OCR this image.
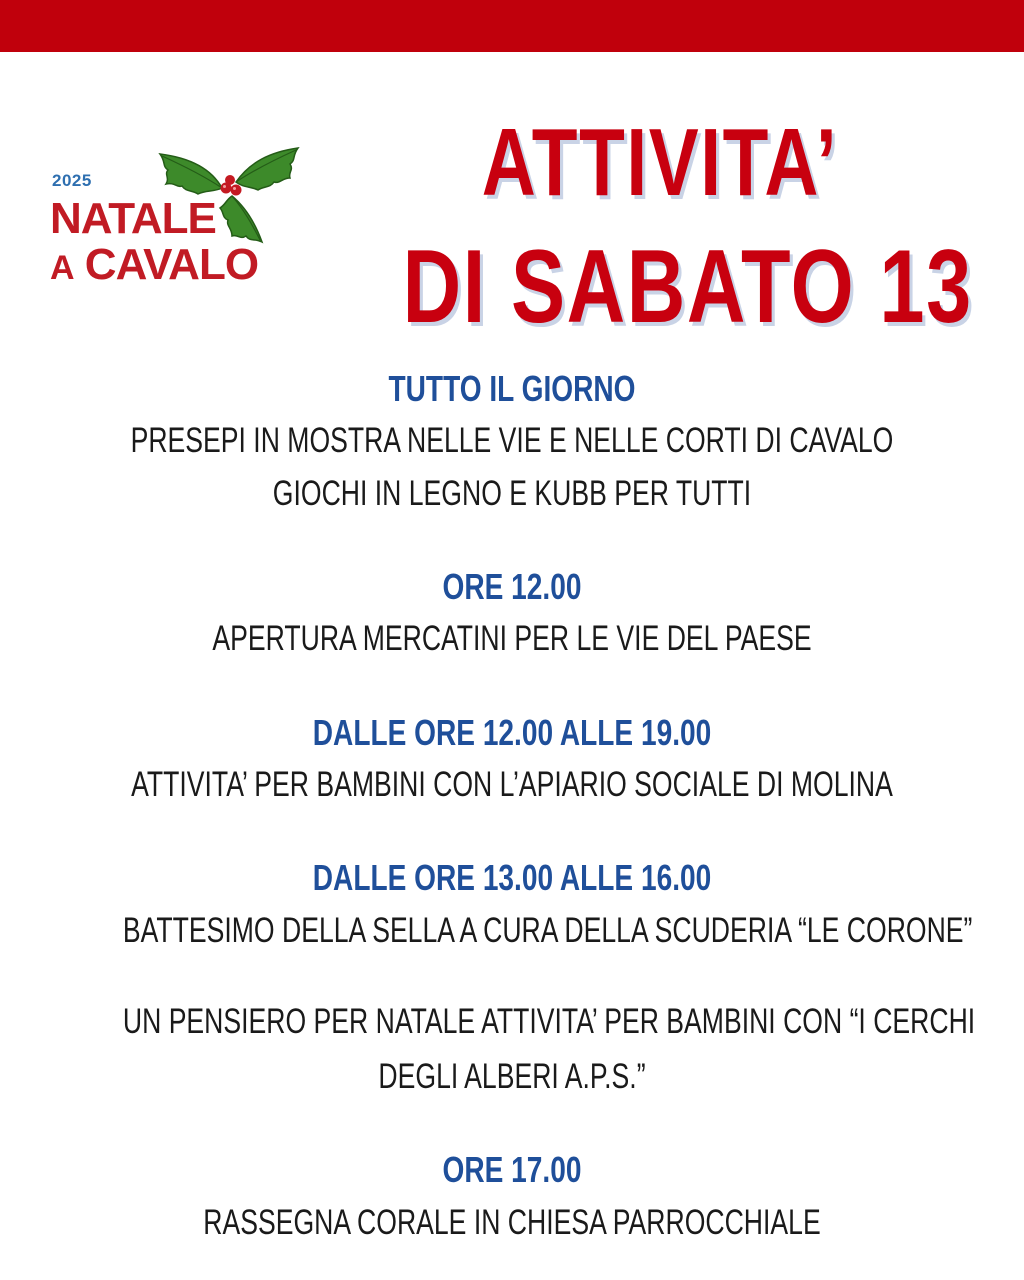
2025
NATALE
A CAVALO
ATTIVITA’
DI SABATO 13
TUTTO IL GIORNO
PRESEPI IN MOSTRA NELLE VIE E NELLE CORTI DI CAVALO
GIOCHI IN LEGNO E KUBB PER TUTTI
ORE 12.00
APERTURA MERCATINI PER LE VIE DEL PAESE
DALLE ORE 12.00 ALLE 19.00
ATTIVITA’ PER BAMBINI CON L’APIARIO SOCIALE DI MOLINA
DALLE ORE 13.00 ALLE 16.00
BATTESIMO DELLA SELLA A CURA DELLA SCUDERIA “LE CORONE”
UN PENSIERO PER NATALE ATTIVITA’ PER BAMBINI CON “I CERCHI
DEGLI ALBERI A.P.S.”
ORE 17.00
RASSEGNA CORALE IN CHIESA PARROCCHIALE
